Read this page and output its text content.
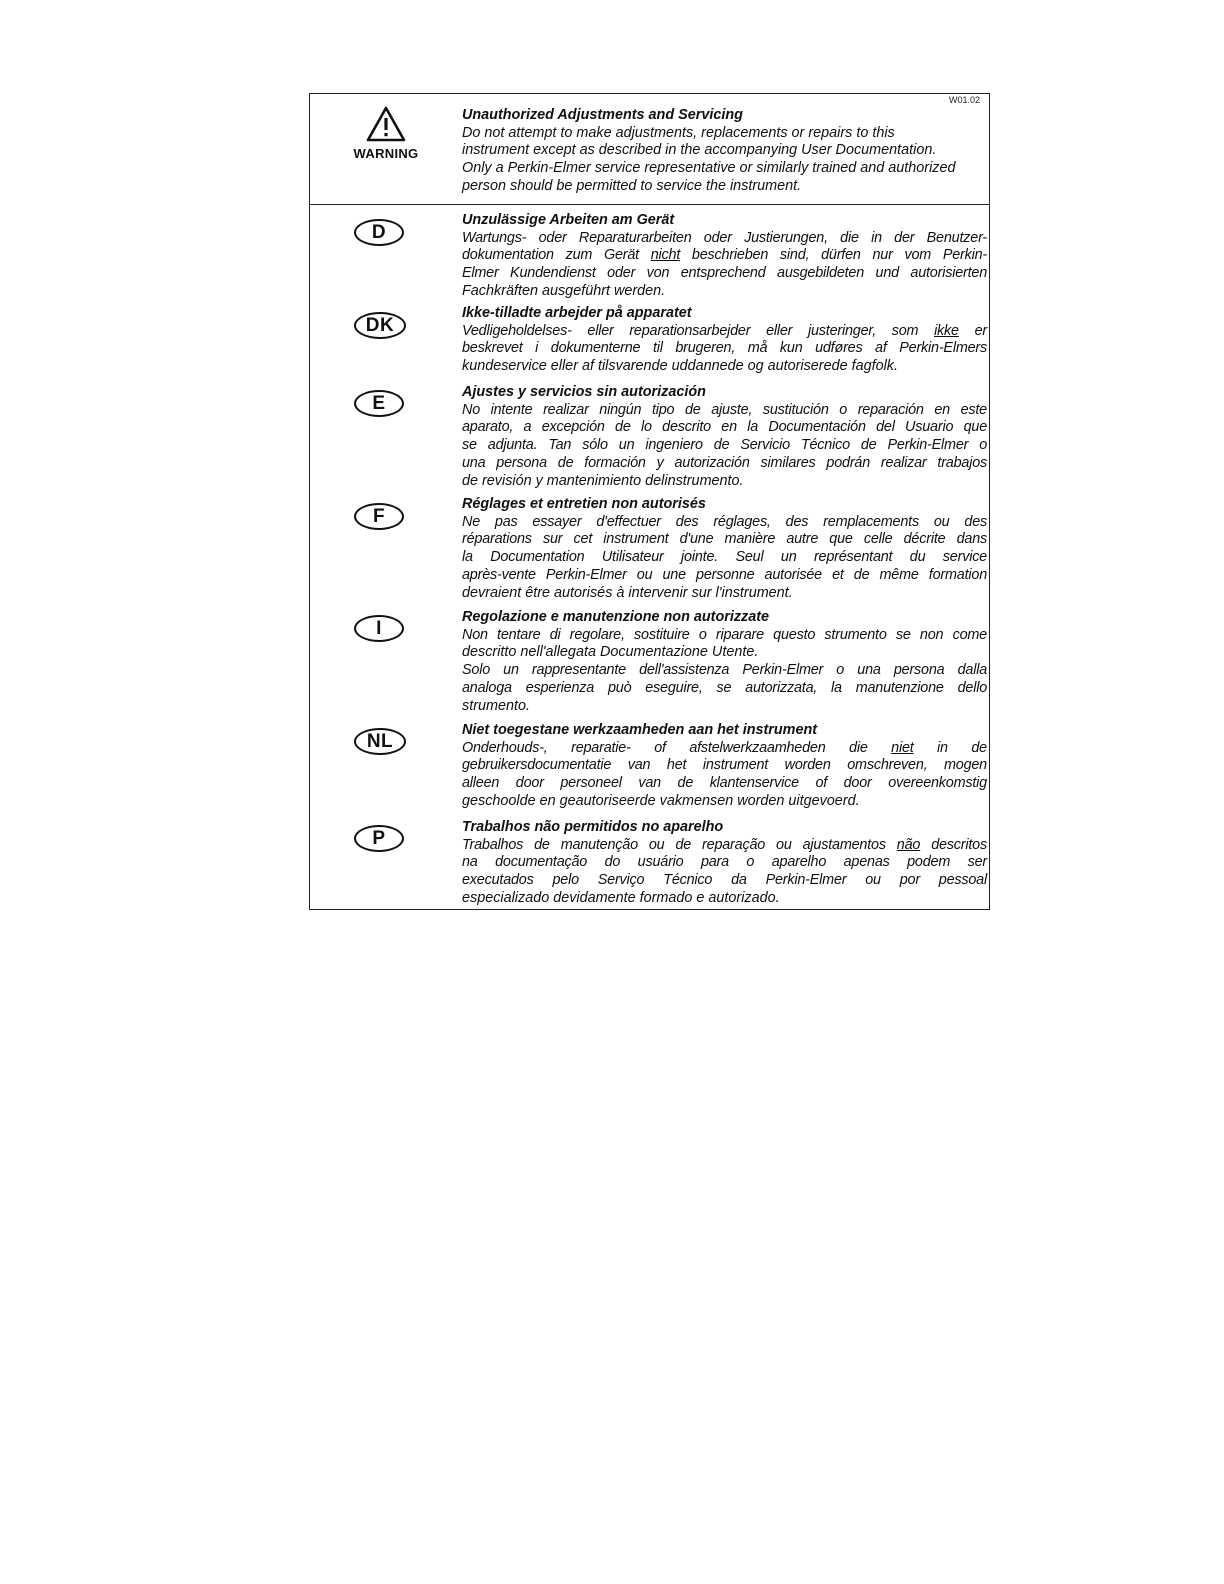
W01.02
WARNING
Unauthorized Adjustments and Servicing
Do not attempt to make adjustments, replacements or repairs to this
instrument except as described in the accompanying User Documentation.
Only a Perkin-Elmer service representative or similarly trained and authorized
person should be permitted to service the instrument.
D
Unzulässige Arbeiten am Gerät
Wartungs- oder Reparaturarbeiten oder Justierungen, die in der Benutzer-
dokumentation zum Gerät nicht beschrieben sind, dürfen nur vom Perkin-
Elmer Kundendienst oder von entsprechend ausgebildeten und autorisierten
Fachkräften ausgeführt werden.
DK
Ikke-tilladte arbejder på apparatet
Vedligeholdelses- eller reparationsarbejder eller justeringer, som ikke er
beskrevet i dokumenterne til brugeren, må kun udføres af Perkin-Elmers
kundeservice eller af tilsvarende uddannede og autoriserede fagfolk.
E
Ajustes y servicios sin autorización
No intente realizar ningún tipo de ajuste, sustitución o reparación en este
aparato, a excepción de lo descrito en la Documentación del Usuario que
se adjunta. Tan sólo un ingeniero de Servicio Técnico de Perkin-Elmer o
una persona de formación y autorización similares podrán realizar trabajos
de revisión y mantenimiento delinstrumento.
F
Réglages et entretien non autorisés
Ne pas essayer d'effectuer des réglages, des remplacements ou des
réparations sur cet instrument d'une manière autre que celle décrite dans
la Documentation Utilisateur jointe. Seul un représentant du service
après-vente Perkin-Elmer ou une personne autorisée et de même formation
devraient être autorisés à intervenir sur l'instrument.
I
Regolazione e manutenzione non autorizzate
Non tentare di regolare, sostituire o riparare questo strumento se non come
descritto nell'allegata Documentazione Utente.
Solo un rappresentante dell'assistenza Perkin-Elmer o una persona dalla
analoga esperienza può eseguire, se autorizzata, la manutenzione dello
strumento.
NL
Niet toegestane werkzaamheden aan het instrument
Onderhouds-, reparatie- of afstelwerkzaamheden die niet in de
gebruikersdocumentatie van het instrument worden omschreven, mogen
alleen door personeel van de klantenservice of door overeenkomstig
geschoolde en geautoriseerde vakmensen worden uitgevoerd.
P
Trabalhos não permitidos no aparelho
Trabalhos de manutenção ou de reparação ou ajustamentos não descritos
na documentação do usuário para o aparelho apenas podem ser
executados pelo Serviço Técnico da Perkin-Elmer ou por pessoal
especializado devidamente formado e autorizado.
